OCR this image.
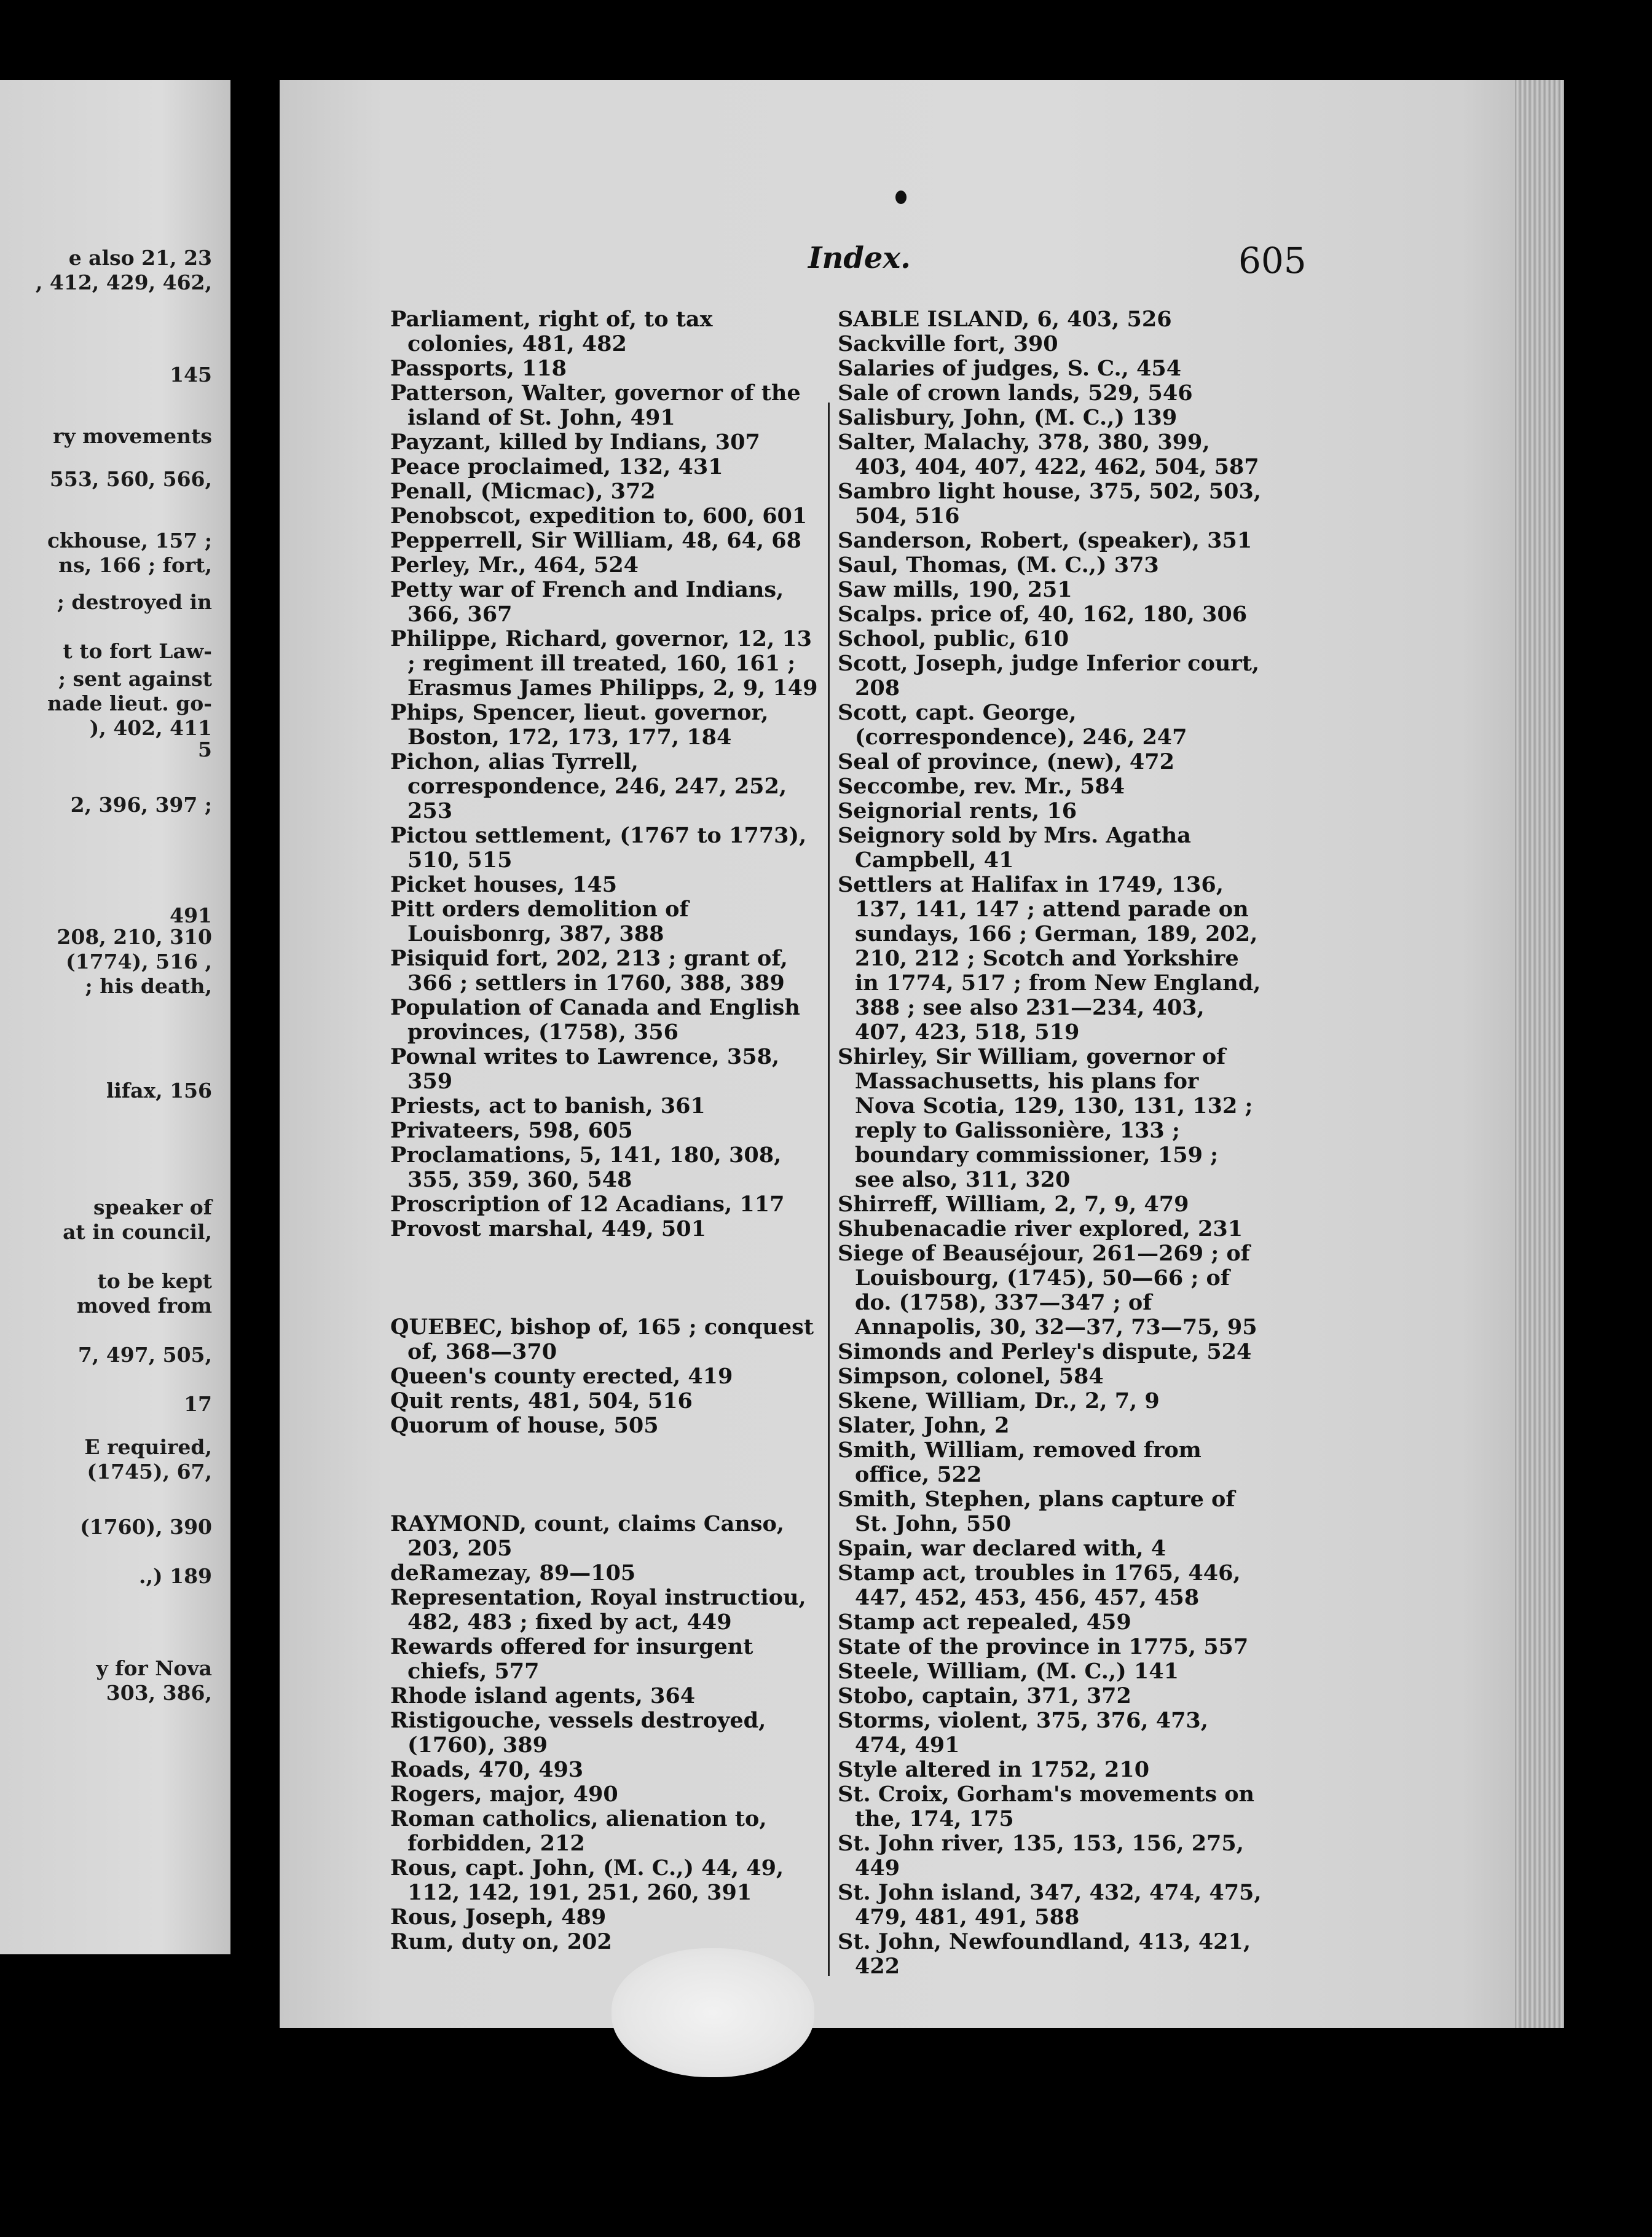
e also 21, 23
, 412, 429, 462,
145
ry movements
553, 560, 566,
ckhouse, 157 ;
ns, 166 ; fort,
; destroyed in
t to fort Law-
; sent against
nade lieut. go-
), 402, 411
5
2, 396, 397 ;
491
208, 210, 310
(1774), 516 ,
; his death,
lifax, 156
speaker of
at in council,
to be kept
moved from
7, 497, 505,
17
E required,
(1745), 67,
(1760), 390
.,) 189
y for Nova
303, 386,
Index.	605
Parliament, right of, to tax colonies, 481, 482
Passports, 118
Patterson, Walter, governor of the island of St. John, 491
Payzant, killed by Indians, 307
Peace proclaimed, 132, 431
Penall, (Micmac), 372
Penobscot, expedition to, 600, 601
Pepperrell, Sir William, 48, 64, 68
Perley, Mr., 464, 524
Petty war of French and Indians, 366, 367
Philippe, Richard, governor, 12, 13 ; regiment ill treated, 160, 161 ; Erasmus James Philipps, 2, 9, 149
Phips, Spencer, lieut. governor, Boston, 172, 173, 177, 184
Pichon, alias Tyrrell, correspondence, 246, 247, 252, 253
Pictou settlement, (1767 to 1773), 510, 515
Picket houses, 145
Pitt orders demolition of Louisbonrg, 387, 388
Pisiquid fort, 202, 213 ; grant of, 366 ; settlers in 1760, 388, 389
Population of Canada and English provinces, (1758), 356
Pownal writes to Lawrence, 358, 359
Priests, act to banish, 361
Privateers, 598, 605
Proclamations, 5, 141, 180, 308, 355, 359, 360, 548
Proscription of 12 Acadians, 117
Provost marshal, 449, 501
QUEBEC, bishop of, 165 ; conquest of, 368—370
Queen's county erected, 419
Quit rents, 481, 504, 516
Quorum of house, 505
RAYMOND, count, claims Canso, 203, 205
deRamezay, 89—105
Representation, Royal instructiou, 482, 483 ; fixed by act, 449
Rewards offered for insurgent chiefs, 577
Rhode island agents, 364
Ristigouche, vessels destroyed, (1760), 389
Roads, 470, 493
Rogers, major, 490
Roman catholics, alienation to, forbidden, 212
Rous, capt. John, (M. C.,) 44, 49, 112, 142, 191, 251, 260, 391
Rous, Joseph, 489
Rum, duty on, 202
SABLE ISLAND, 6, 403, 526
Sackville fort, 390
Salaries of judges, S. C., 454
Sale of crown lands, 529, 546
Salisbury, John, (M. C.,) 139
Salter, Malachy, 378, 380, 399, 403, 404, 407, 422, 462, 504, 587
Sambro light house, 375, 502, 503, 504, 516
Sanderson, Robert, (speaker), 351
Saul, Thomas, (M. C.,) 373
Saw mills, 190, 251
Scalps. price of, 40, 162, 180, 306
School, public, 610
Scott, Joseph, judge Inferior court, 208
Scott, capt. George, (correspondence), 246, 247
Seal of province, (new), 472
Seccombe, rev. Mr., 584
Seignorial rents, 16
Seignory sold by Mrs. Agatha Campbell, 41
Settlers at Halifax in 1749, 136, 137, 141, 147 ; attend parade on sundays, 166 ; German, 189, 202, 210, 212 ; Scotch and Yorkshire in 1774, 517 ; from New England, 388 ; see also 231—234, 403, 407, 423, 518, 519
Shirley, Sir William, governor of Massachusetts, his plans for Nova Scotia, 129, 130, 131, 132 ; reply to Galissonière, 133 ; boundary commissioner, 159 ; see also, 311, 320
Shirreff, William, 2, 7, 9, 479
Shubenacadie river explored, 231
Siege of Beauséjour, 261—269 ; of Louisbourg, (1745), 50—66 ; of do. (1758), 337—347 ; of Annapolis, 30, 32—37, 73—75, 95
Simonds and Perley's dispute, 524
Simpson, colonel, 584
Skene, William, Dr., 2, 7, 9
Slater, John, 2
Smith, William, removed from office, 522
Smith, Stephen, plans capture of St. John, 550
Spain, war declared with, 4
Stamp act, troubles in 1765, 446, 447, 452, 453, 456, 457, 458
Stamp act repealed, 459
State of the province in 1775, 557
Steele, William, (M. C.,) 141
Stobo, captain, 371, 372
Storms, violent, 375, 376, 473, 474, 491
Style altered in 1752, 210
St. Croix, Gorham's movements on the, 174, 175
St. John river, 135, 153, 156, 275, 449
St. John island, 347, 432, 474, 475, 479, 481, 491, 588
St. John, Newfoundland, 413, 421, 422
